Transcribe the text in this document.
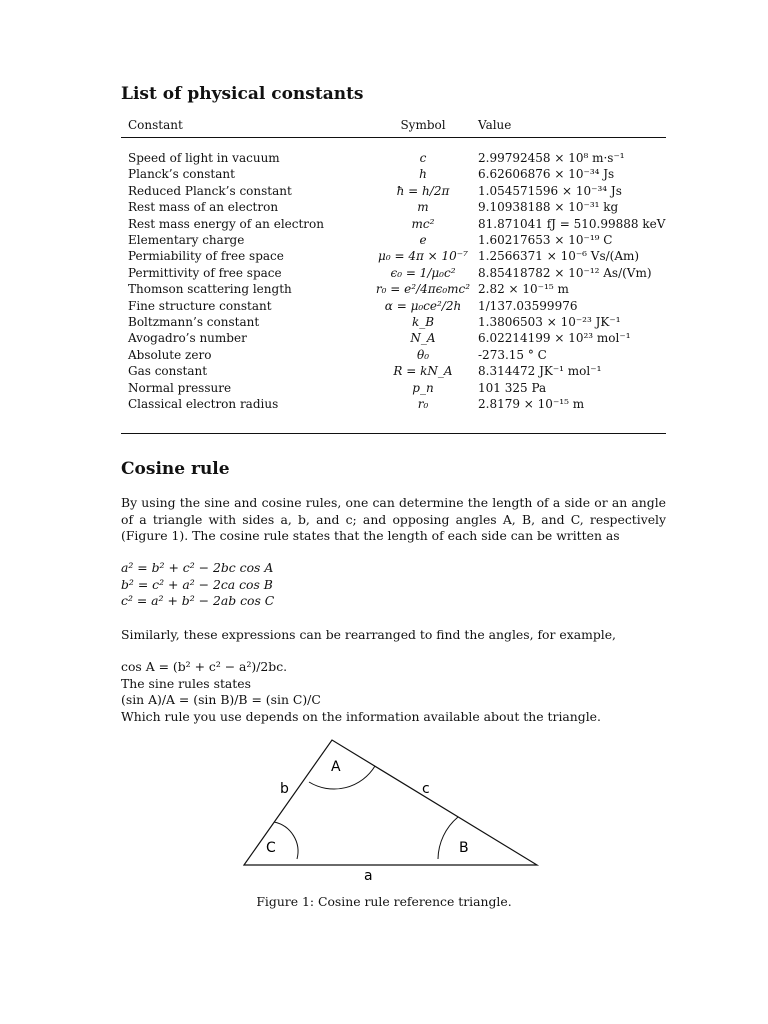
List of physical constants
Constant	Symbol	Value

Speed of light in vacuum	c	2.99792458 × 10⁸ m·s⁻¹
Planck’s constant	h	6.62606876 × 10⁻³⁴ Js
Reduced Planck’s constant	ħ = h/2π	1.054571596 × 10⁻³⁴ Js
Rest mass of an electron	m	9.10938188 × 10⁻³¹ kg
Rest mass energy of an electron	mc²	81.871041 fJ = 510.99888 keV
Elementary charge	e	1.60217653 × 10⁻¹⁹ C
Permiability of free space	μ₀ = 4π × 10⁻⁷	1.2566371 × 10⁻⁶ Vs/(Am)
Permittivity of free space	ϵ₀ = 1/μ₀c²	8.85418782 × 10⁻¹² As/(Vm)
Thomson scattering length	r₀ = e²/4πϵ₀mc²	2.82 × 10⁻¹⁵ m
Fine structure constant	α = μ₀ce²/2h	1/137.03599976
Boltzmann’s constant	k_B	1.3806503 × 10⁻²³ JK⁻¹
Avogadro’s number	N_A	6.02214199 × 10²³ mol⁻¹
Absolute zero	θ₀	-273.15 ° C
Gas constant	R = kN_A	8.314472 JK⁻¹ mol⁻¹
Normal pressure	p_n	101 325 Pa
Classical electron radius	r₀	2.8179 × 10⁻¹⁵ m
Cosine rule

By using the sine and cosine rules, one can determine the length of a side or an angle of a triangle with sides a, b, and c; and opposing angles A, B, and C, respectively (Figure 1). The cosine rule states that the length of each side can be written as

a² = b² + c² − 2bc cos A
b² = c² + a² − 2ca cos B
c² = a² + b² − 2ab cos C

Similarly, these expressions can be rearranged to find the angles, for example,

cos A = (b² + c² − a²)/2bc.
The sine rules states
(sin A)/A = (sin B)/B = (sin C)/C
Which rule you use depends on the information available about the triangle.
A
B
C
a
b	c
Figure 1: Cosine rule reference triangle.
